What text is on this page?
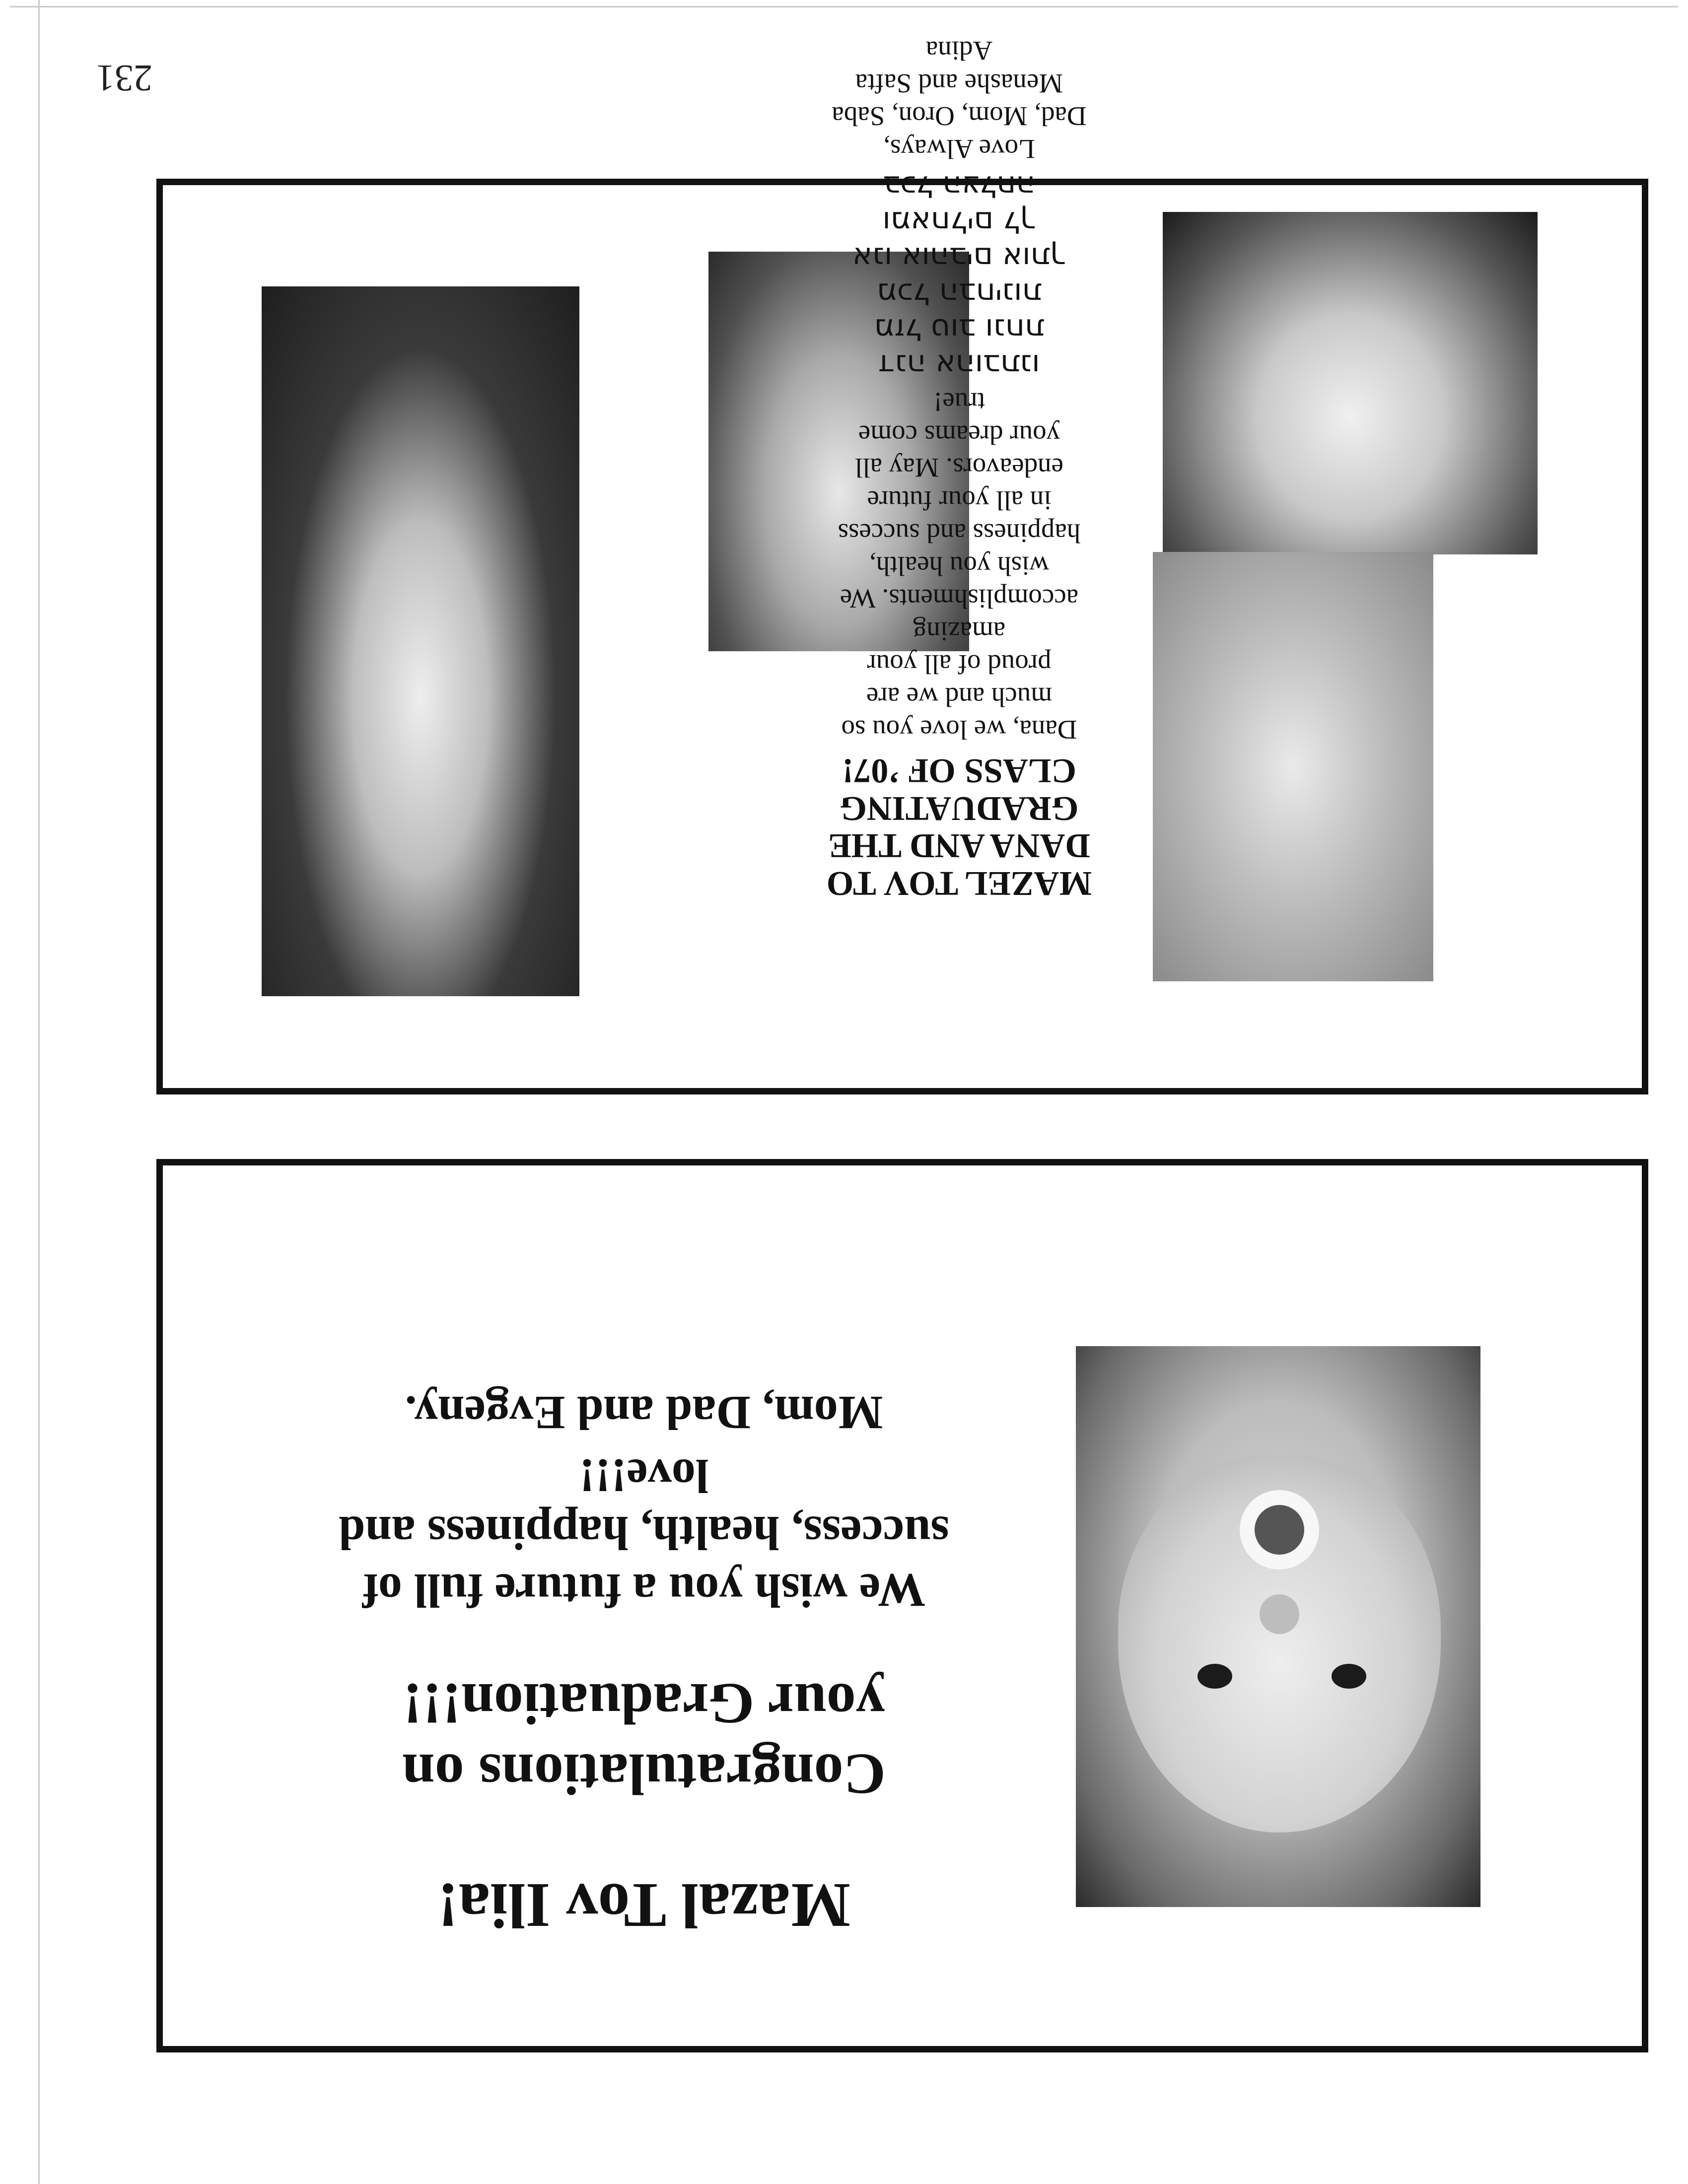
231

Mazal Tov Ilia!

Congratulations on
your Graduation!!!

We wish you a future full of
success, health, happiness and
love!!!

Mom, Dad and Evgeny.

MAZEL TOV TO
DANA AND THE
GRADUATING
CLASS OF ’07!

Dana, we love you so
much and we are
proud of all your
amazing
accomplishments. We
wish you health,
happiness and success
in all your future
endeavors. May all
your dreams come
true!

דנה אהובתנו
מזל טוב ונחת
מכל הבחינות
אנו אוהבים אותך
ומאחלים לך
בכל הצלחה

Love Always,
Dad, Mom, Oron, Saba
Menashe and Safta
Adina
